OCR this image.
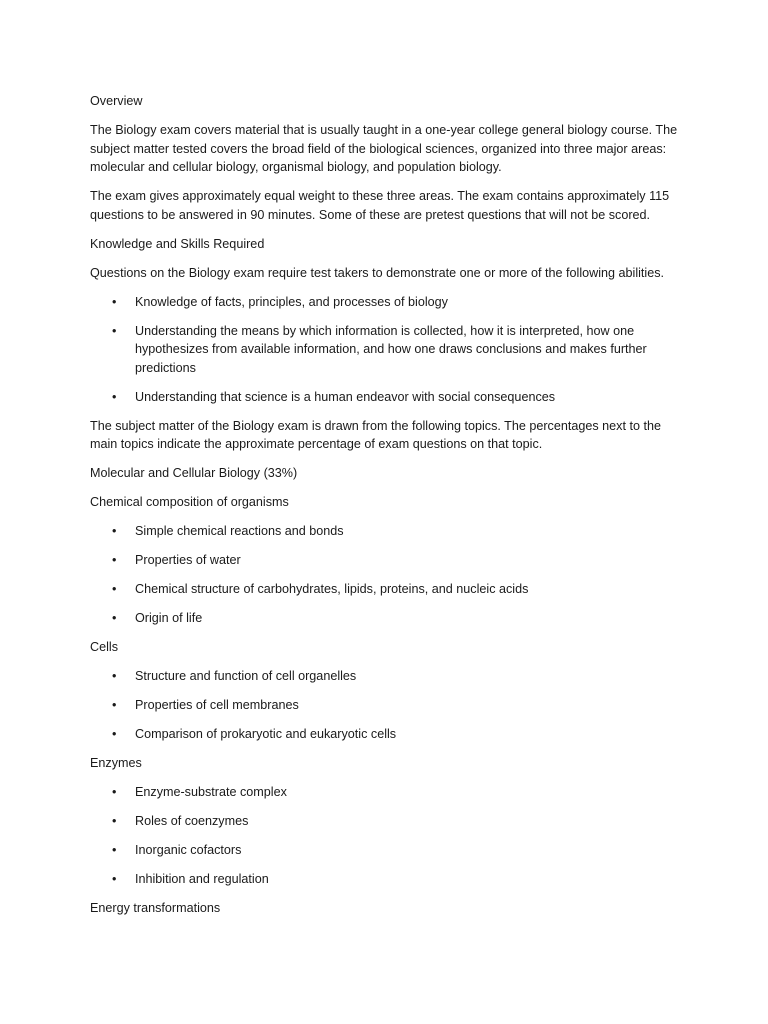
Overview

The Biology exam covers material that is usually taught in a one-year college general biology course. The subject matter tested covers the broad field of the biological sciences, organized into three major areas: molecular and cellular biology, organismal biology, and population biology.

The exam gives approximately equal weight to these three areas. The exam contains approximately 115 questions to be answered in 90 minutes. Some of these are pretest questions that will not be scored.

Knowledge and Skills Required

Questions on the Biology exam require test takers to demonstrate one or more of the following abilities.

•	Knowledge of facts, principles, and processes of biology
•	Understanding the means by which information is collected, how it is interpreted, how one hypothesizes from available information, and how one draws conclusions and makes further predictions
•	Understanding that science is a human endeavor with social consequences

The subject matter of the Biology exam is drawn from the following topics. The percentages next to the main topics indicate the approximate percentage of exam questions on that topic.

Molecular and Cellular Biology (33%)

Chemical composition of organisms

•	Simple chemical reactions and bonds
•	Properties of water
•	Chemical structure of carbohydrates, lipids, proteins, and nucleic acids
•	Origin of life

Cells

•	Structure and function of cell organelles
•	Properties of cell membranes
•	Comparison of prokaryotic and eukaryotic cells

Enzymes

•	Enzyme-substrate complex
•	Roles of coenzymes
•	Inorganic cofactors
•	Inhibition and regulation

Energy transformations
